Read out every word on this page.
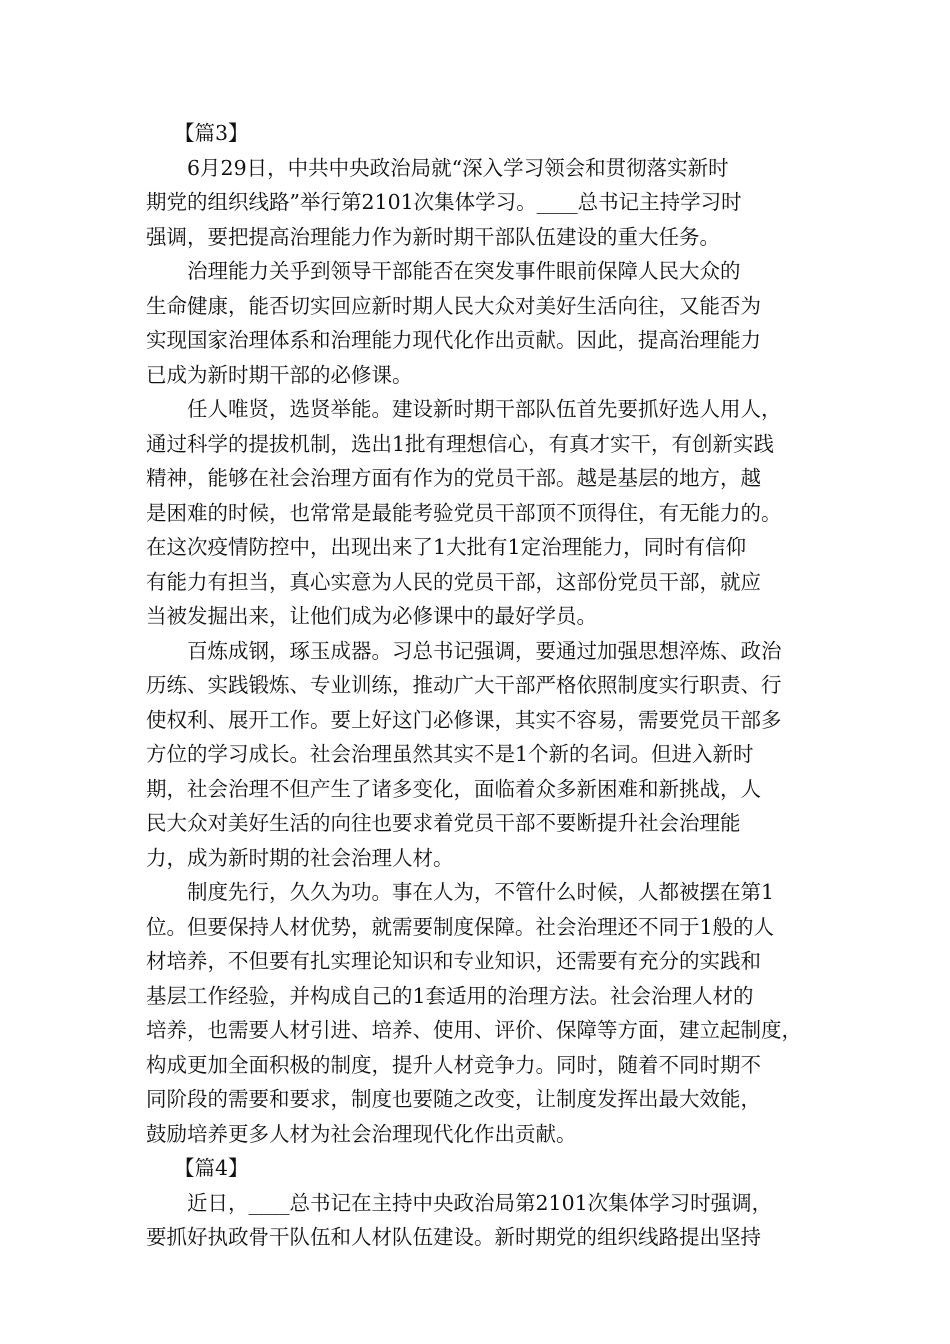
【篇3】

6月29日，中共中央政治局就“深入学习领会和贯彻落实新时
期党的组织线路”举行第2101次集体学习。____总书记主持学习时
强调，要把提高治理能力作为新时期干部队伍建设的重大任务。

治理能力关乎到领导干部能否在突发事件眼前保障人民大众的
生命健康，能否切实回应新时期人民大众对美好生活向往，又能否为
实现国家治理体系和治理能力现代化作出贡献。因此，提高治理能力
已成为新时期干部的必修课。

任人唯贤，选贤举能。建设新时期干部队伍首先要抓好选人用人，
通过科学的提拔机制，选出1批有理想信心，有真才实干，有创新实践
精神，能够在社会治理方面有作为的党员干部。越是基层的地方，越
是困难的时候，也常常是最能考验党员干部顶不顶得住，有无能力的。
在这次疫情防控中，出现出来了1大批有1定治理能力，同时有信仰
有能力有担当，真心实意为人民的党员干部，这部份党员干部，就应
当被发掘出来，让他们成为必修课中的最好学员。

百炼成钢，琢玉成器。习总书记强调，要通过加强思想淬炼、政治
历练、实践锻炼、专业训练，推动广大干部严格依照制度实行职责、行
使权利、展开工作。要上好这门必修课，其实不容易，需要党员干部多
方位的学习成长。社会治理虽然其实不是1个新的名词。但进入新时
期，社会治理不但产生了诸多变化，面临着众多新困难和新挑战，人
民大众对美好生活的向往也要求着党员干部不要断提升社会治理能
力，成为新时期的社会治理人材。

制度先行，久久为功。事在人为，不管什么时候，人都被摆在第1
位。但要保持人材优势，就需要制度保障。社会治理还不同于1般的人
材培养，不但要有扎实理论知识和专业知识，还需要有充分的实践和
基层工作经验，并构成自己的1套适用的治理方法。社会治理人材的
培养，也需要人材引进、培养、使用、评价、保障等方面，建立起制度，
构成更加全面积极的制度，提升人材竞争力。同时，随着不同时期不
同阶段的需要和要求，制度也要随之改变，让制度发挥出最大效能，
鼓励培养更多人材为社会治理现代化作出贡献。

【篇4】

近日，____总书记在主持中央政治局第2101次集体学习时强调，
要抓好执政骨干队伍和人材队伍建设。新时期党的组织线路提出坚持
